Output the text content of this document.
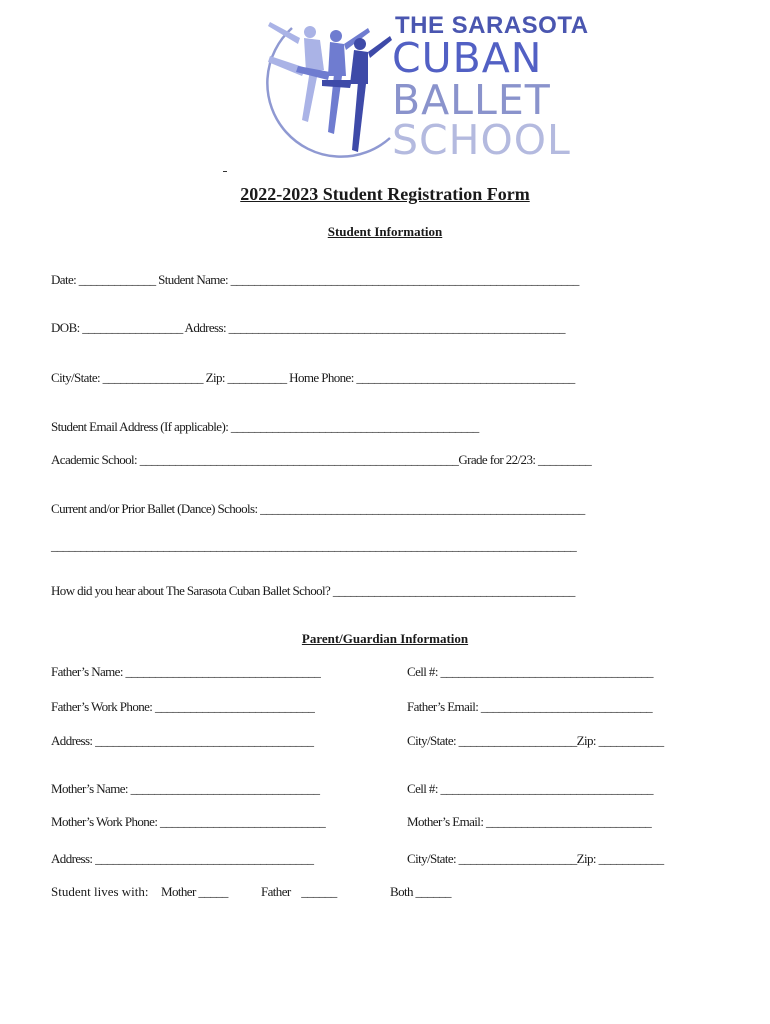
THE SARASOTA
CUBAN
BALLET
SCHOOL
2022-2023 Student Registration Form
Student Information
Date: _____________ Student Name: ___________________________________________________________
DOB: _________________ Address: _________________________________________________________
City/State: _________________ Zip: __________ Home Phone: _____________________________________
Student Email Address (If applicable): __________________________________________
Academic School: ______________________________________________________Grade for 22/23: _________
Current and/or Prior Ballet (Dance) Schools: _______________________________________________________
_________________________________________________________________________________________
How did you hear about The Sarasota Cuban Ballet School? _________________________________________
Parent/Guardian Information
Father’s Name: _________________________________
Father’s Work Phone: ___________________________
Address: _____________________________________
Mother’s Name: ________________________________
Mother’s Work Phone: ____________________________
Address: _____________________________________
Cell #: ____________________________________
Father’s Email: _____________________________
City/State: ____________________Zip: ___________
Cell #: ____________________________________
Mother’s Email: ____________________________
City/State: ____________________Zip: ___________
Student lives with: Mother _____	Father    ______	Both ______
